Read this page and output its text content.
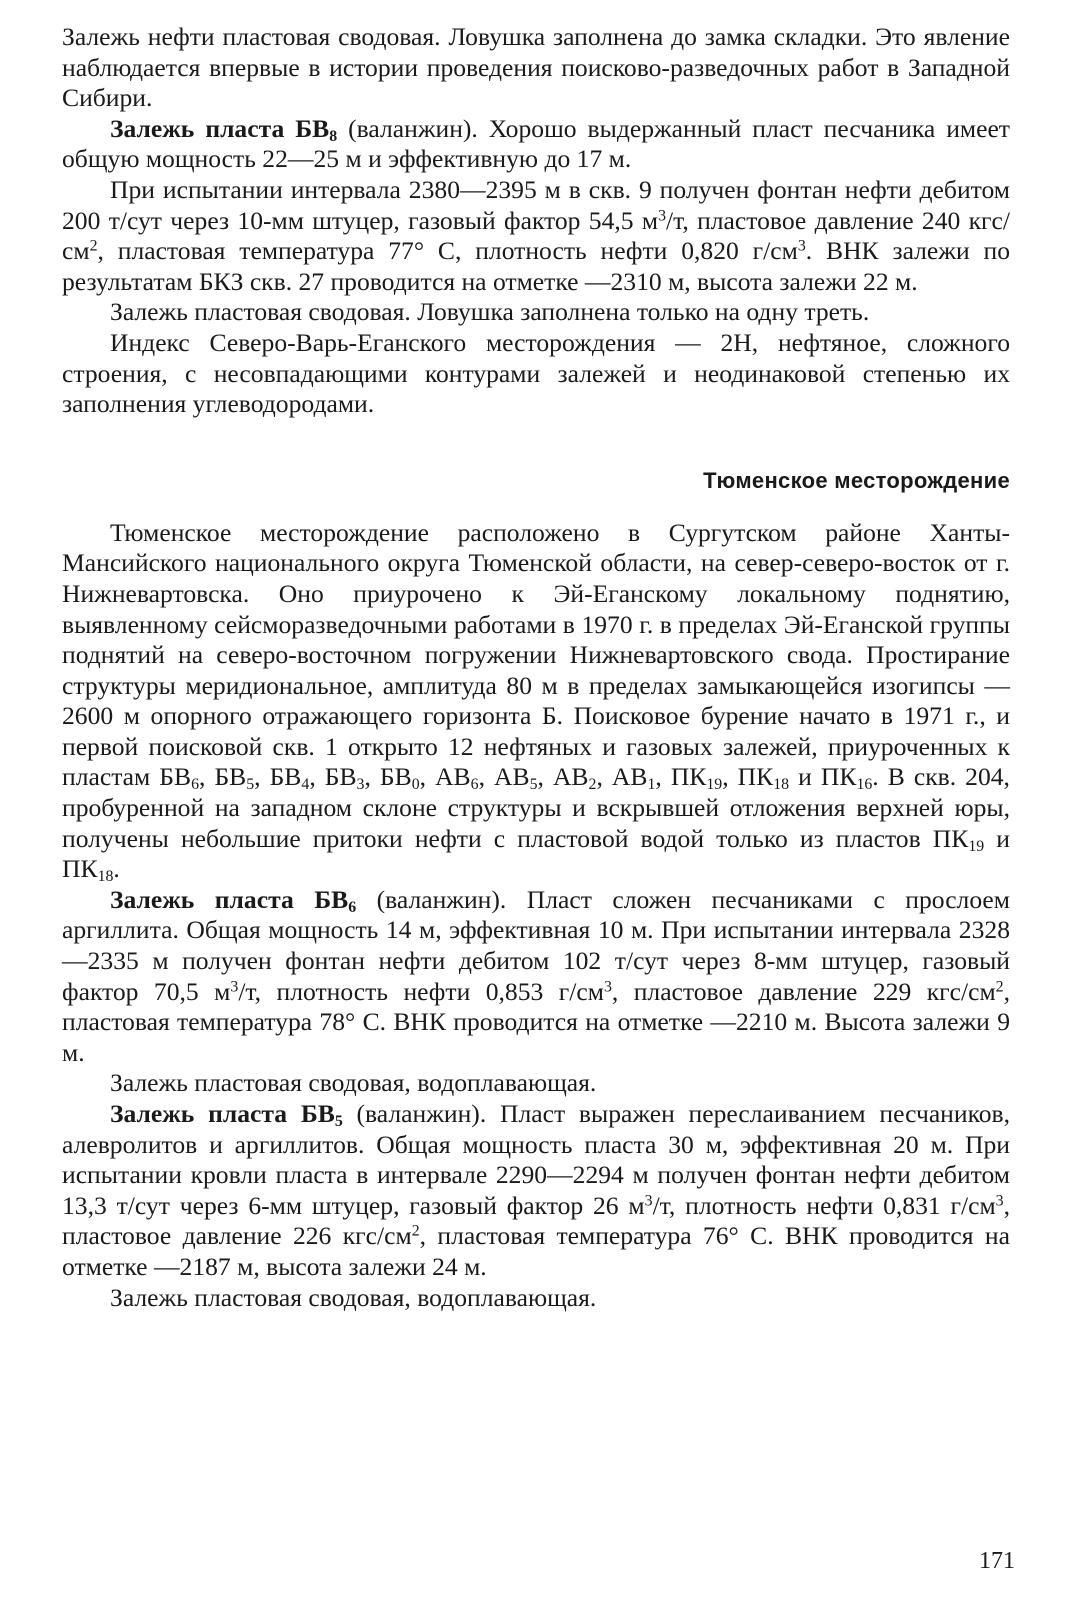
Залежь нефти пластовая сводовая. Ловушка заполнена до замка складки. Это явление наблюдается впервые в истории проведения поисково-разведочных работ в Западной Сибири.

Залежь пласта $БВ_8$ (валанжин). Хорошо выдержанный пласт песчаника имеет общую мощность 22—25 м и эффективную до 17 м.

При испытании интервала 2380—2395 м в скв. 9 получен фонтан нефти дебитом 200 т/сут через 10-мм штуцер, газовый фактор 54,5 $м^3/т$, пластовое давление 240 кгс/$см^2$, пластовая температура 77° С, плотность нефти 0,820 $г/см^3$. ВНК залежи по результатам БКЗ скв. 27 проводится на отметке —2310 м, высота залежи 22 м.

Залежь пластовая сводовая. Ловушка заполнена только на одну треть.

Индекс Северо-Варь-Еганского месторождения — 2Н, нефтяное, сложного строения, с несовпадающими контурами залежей и неодинаковой степенью их заполнения углеводородами.

Тюменское месторождение

Тюменское месторождение расположено в Сургутском районе Ханты-Мансийского национального округа Тюменской области, на север-северо-восток от г. Нижневартовска. Оно приурочено к Эй-Еганскому локальному поднятию, выявленному сейсморазведочными работами в 1970 г. в пределах Эй-Еганской группы поднятий на северо-восточном погружении Нижневартовского свода. Простирание структуры меридиональное, амплитуда 80 м в пределах замыкающейся изогипсы —2600 м опорного отражающего горизонта Б. Поисковое бурение начато в 1971 г., и первой поисковой скв. 1 открыто 12 нефтяных и газовых залежей, приуроченных к пластам $БВ_6$, $БВ_5$, $БВ_4$, $БВ_3$, $БВ_0$, $АВ_6$, $АВ_5$, $АВ_2$, $АВ_1$, $ПК_{19}$, $ПК_{18}$ и $ПК_{16}$. В скв. 204, пробуренной на западном склоне структуры и вскрывшей отложения верхней юры, получены небольшие притоки нефти с пластовой водой только из пластов $ПК_{19}$ и $ПК_{18}$.

Залежь пласта $БВ_6$ (валанжин). Пласт сложен песчаниками с прослоем аргиллита. Общая мощность 14 м, эффективная 10 м. При испытании интервала 2328—2335 м получен фонтан нефти дебитом 102 т/сут через 8-мм штуцер, газовый фактор 70,5 $м^3/т$, плотность нефти 0,853 $г/см^3$, пластовое давление 229 кгс/$см^2$, пластовая температура 78° С. ВНК проводится на отметке —2210 м. Высота залежи 9 м.

Залежь пластовая сводовая, водоплавающая.

Залежь пласта $БВ_5$ (валанжин). Пласт выражен переслаиванием песчаников, алевролитов и аргиллитов. Общая мощность пласта 30 м, эффективная 20 м. При испытании кровли пласта в интервале 2290—2294 м получен фонтан нефти дебитом 13,3 т/сут через 6-мм штуцер, газовый фактор 26 $м^3/т$, плотность нефти 0,831 $г/см^3$, пластовое давление 226 кгс/$см^2$, пластовая температура 76° С. ВНК проводится на отметке —2187 м, высота залежи 24 м.

Залежь пластовая сводовая, водоплавающая.

171
